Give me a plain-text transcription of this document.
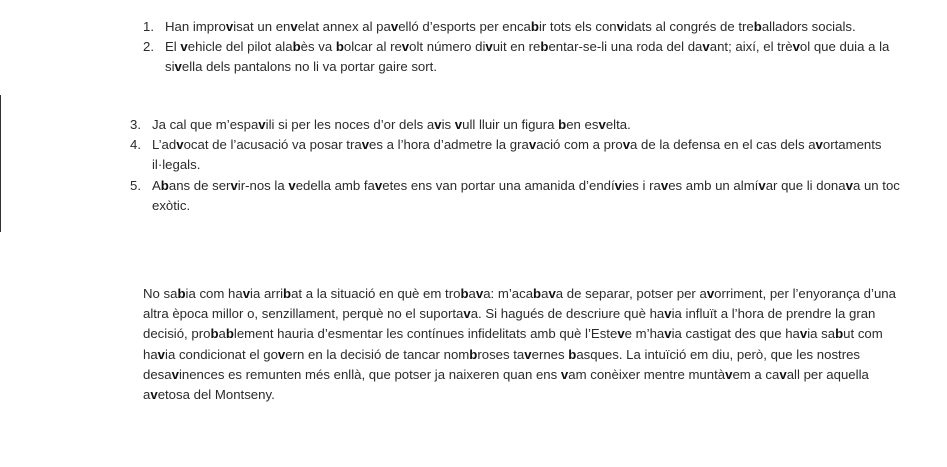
1. Han improvisat un envelat annex al pavelló d’esports per encabir tots els convidats al congrés de treballadors socials.
2. El vehicle del pilot alabès va bolcar al revolt número divuit en rebentar-se-li una roda del davant; així, el trèvol que duia a la sivella dels pantalons no li va portar gaire sort.
3. Ja cal que m’espavili si per les noces d’or dels avis vull lluir un figura ben esvelta.
4. L’advocat de l’acusació va posar traves a l’hora d’admetre la gravació com a prova de la defensa en el cas dels avortaments il·legals.
5. Abans de servir-nos la vedella amb favetes ens van portar una amanida d’endívies i raves amb un almívar que li donava un toc exòtic.

No sabia com havia arribat a la situació en què em trobava: m’acabava de separar, potser per avorriment, per l’enyorança d’una altra època millor o, senzillament, perquè no el suportava. Si hagués de descriure què havia influït a l’hora de prendre la gran decisió, probablement hauria d’esmentar les contínues infidelitats amb què l’Esteve m’havia castigat des que havia sabut com havia condicionat el govern en la decisió de tancar nombroses tavernes basques. La intuïció em diu, però, que les nostres desavinences es remunten més enllà, que potser ja naixeren quan ens vam conèixer mentre muntàvem a cavall per aquella avetosa del Montseny.
